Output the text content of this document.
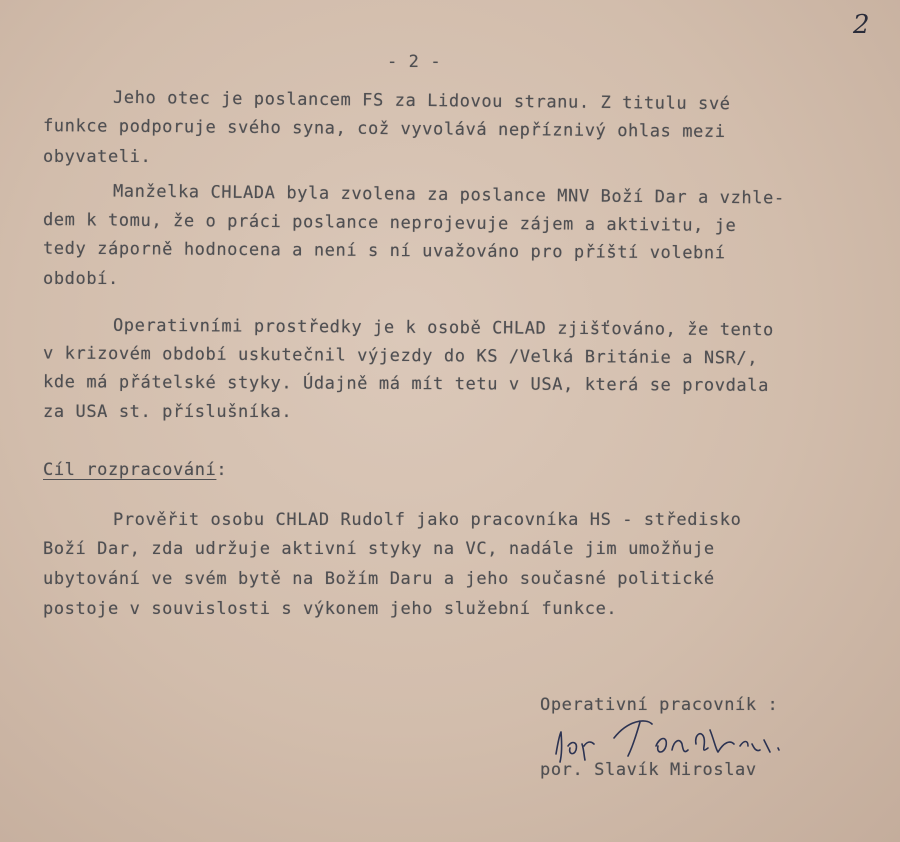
2
- 2 -
Jeho otec je poslancem FS za Lidovou stranu. Z titulu své
funkce podporuje svého syna, což vyvolává nepříznivý ohlas mezi
obyvateli.
Manželka CHLADA byla zvolena za poslance MNV Boží Dar a vzhle-
dem k tomu, že o práci poslance neprojevuje zájem a aktivitu, je
tedy záporně hodnocena a není s ní uvažováno pro příští volební
období.
Operativními prostředky je k osobě CHLAD zjišťováno, že tento
v krizovém období uskutečnil výjezdy do KS /Velká Británie a NSR/,
kde má přátelské styky. Údajně má mít tetu v USA, která se provdala
za USA st. příslušníka.
Cíl rozpracování:
Prověřit osobu CHLAD Rudolf jako pracovníka HS - středisko
Boží Dar, zda udržuje aktivní styky na VC, nadále jim umožňuje
ubytování ve svém bytě na Božím Daru a jeho současné politické
postoje v souvislosti s výkonem jeho služební funkce.
Operativní pracovník :
por. Slavík Miroslav
